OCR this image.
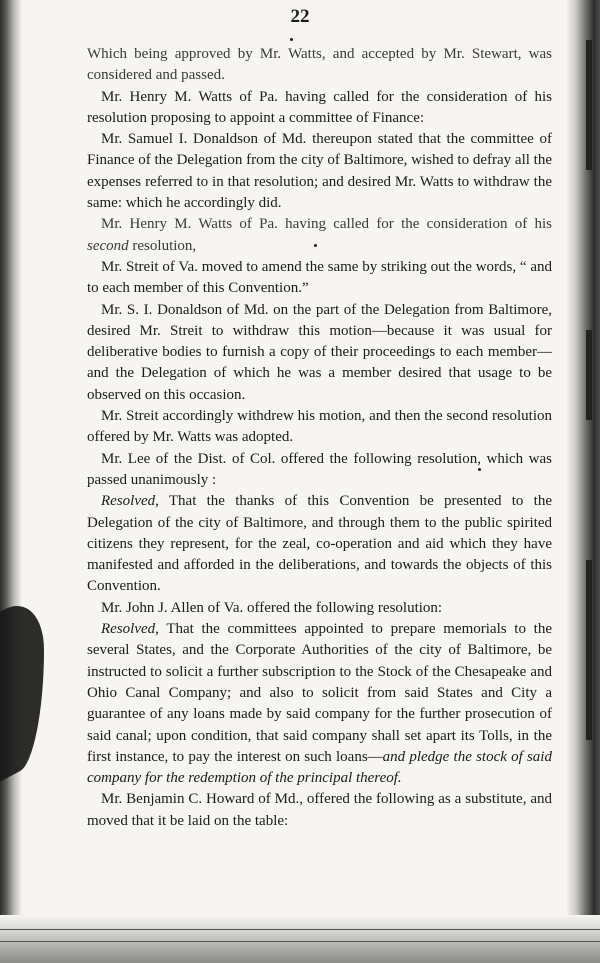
22

Which being approved by Mr. Watts, and accepted by Mr. Stewart, was considered and passed.

Mr. Henry M. Watts of Pa. having called for the consideration of his resolution proposing to appoint a committee of Finance:

Mr. Samuel I. Donaldson of Md. thereupon stated that the committee of Finance of the Delegation from the city of Baltimore, wished to defray all the expenses referred to in that resolution; and desired Mr. Watts to withdraw the same: which he accordingly did.

Mr. Henry M. Watts of Pa. having called for the consideration of his second resolution,

Mr. Streit of Va. moved to amend the same by striking out the words, “ and to each member of this Convention.”

Mr. S. I. Donaldson of Md. on the part of the Delegation from Baltimore, desired Mr. Streit to withdraw this motion—because it was usual for deliberative bodies to furnish a copy of their proceedings to each member—and the Delegation of which he was a member desired that usage to be observed on this occasion.

Mr. Streit accordingly withdrew his motion, and then the second resolution offered by Mr. Watts was adopted.

Mr. Lee of the Dist. of Col. offered the following resolution, which was passed unanimously :

Resolved, That the thanks of this Convention be presented to the Delegation of the city of Baltimore, and through them to the public spirited citizens they represent, for the zeal, co-operation and aid which they have manifested and afforded in the deliberations, and towards the objects of this Convention.

Mr. John J. Allen of Va. offered the following resolution:

Resolved, That the committees appointed to prepare memorials to the several States, and the Corporate Authorities of the city of Baltimore, be instructed to solicit a further subscription to the Stock of the Chesapeake and Ohio Canal Company; and also to solicit from said States and City a guarantee of any loans made by said company for the further prosecution of said canal; upon condition, that said company shall set apart its Tolls, in the first instance, to pay the interest on such loans—and pledge the stock of said company for the redemption of the principal thereof.

Mr. Benjamin C. Howard of Md., offered the following as a substitute, and moved that it be laid on the table:
